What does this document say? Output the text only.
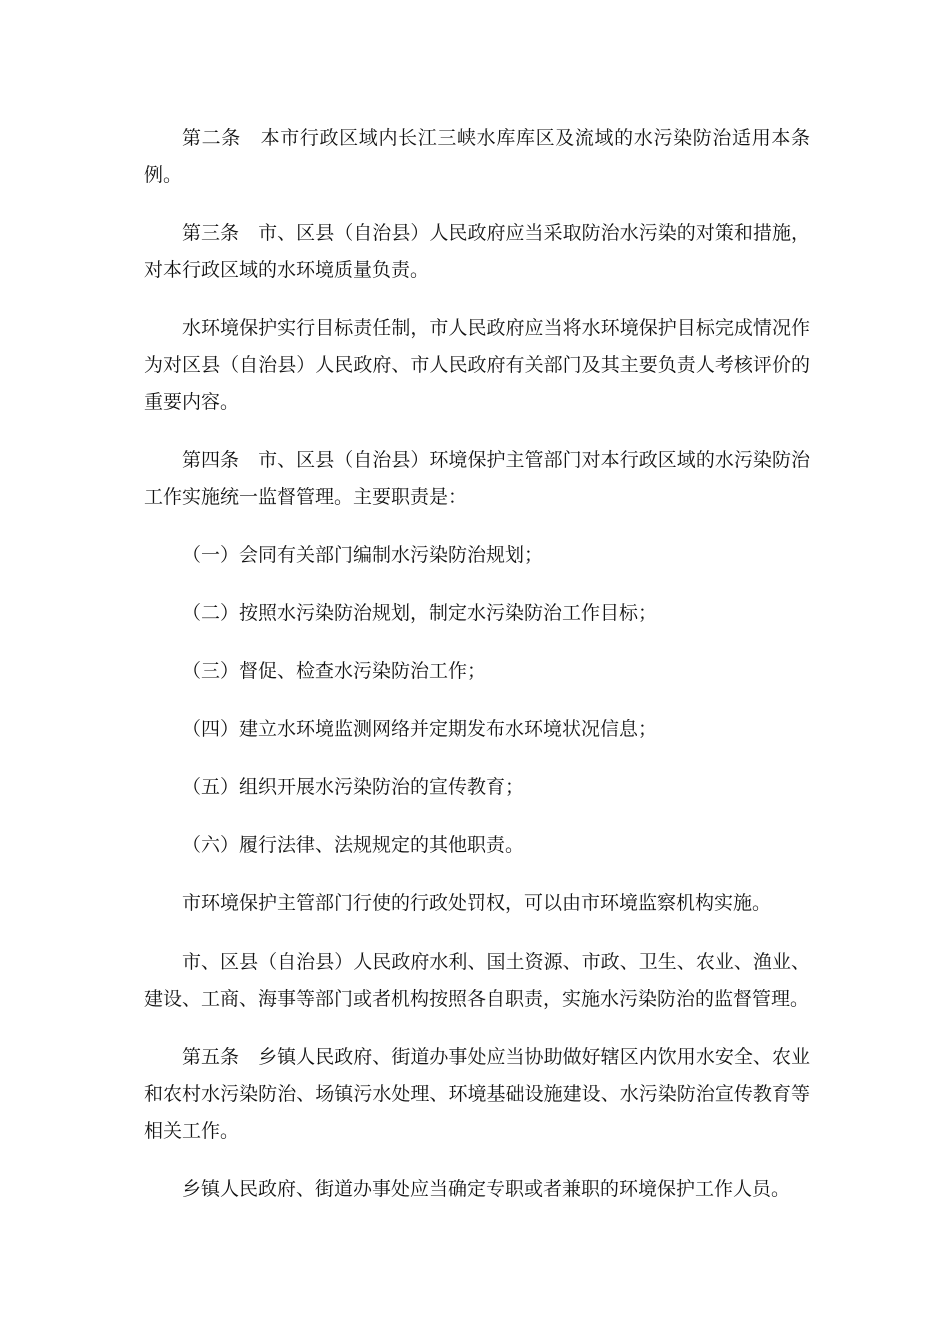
第二条　本市行政区域内长江三峡水库库区及流域的水污染防治适用本条例。

第三条　市、区县（自治县）人民政府应当采取防治水污染的对策和措施，对本行政区域的水环境质量负责。

水环境保护实行目标责任制，市人民政府应当将水环境保护目标完成情况作为对区县（自治县）人民政府、市人民政府有关部门及其主要负责人考核评价的重要内容。

第四条　市、区县（自治县）环境保护主管部门对本行政区域的水污染防治工作实施统一监督管理。主要职责是：

（一）会同有关部门编制水污染防治规划；

（二）按照水污染防治规划，制定水污染防治工作目标；

（三）督促、检查水污染防治工作；

（四）建立水环境监测网络并定期发布水环境状况信息；

（五）组织开展水污染防治的宣传教育；

（六）履行法律、法规规定的其他职责。

市环境保护主管部门行使的行政处罚权，可以由市环境监察机构实施。

市、区县（自治县）人民政府水利、国土资源、市政、卫生、农业、渔业、建设、工商、海事等部门或者机构按照各自职责，实施水污染防治的监督管理。

第五条　乡镇人民政府、街道办事处应当协助做好辖区内饮用水安全、农业和农村水污染防治、场镇污水处理、环境基础设施建设、水污染防治宣传教育等相关工作。

乡镇人民政府、街道办事处应当确定专职或者兼职的环境保护工作人员。
